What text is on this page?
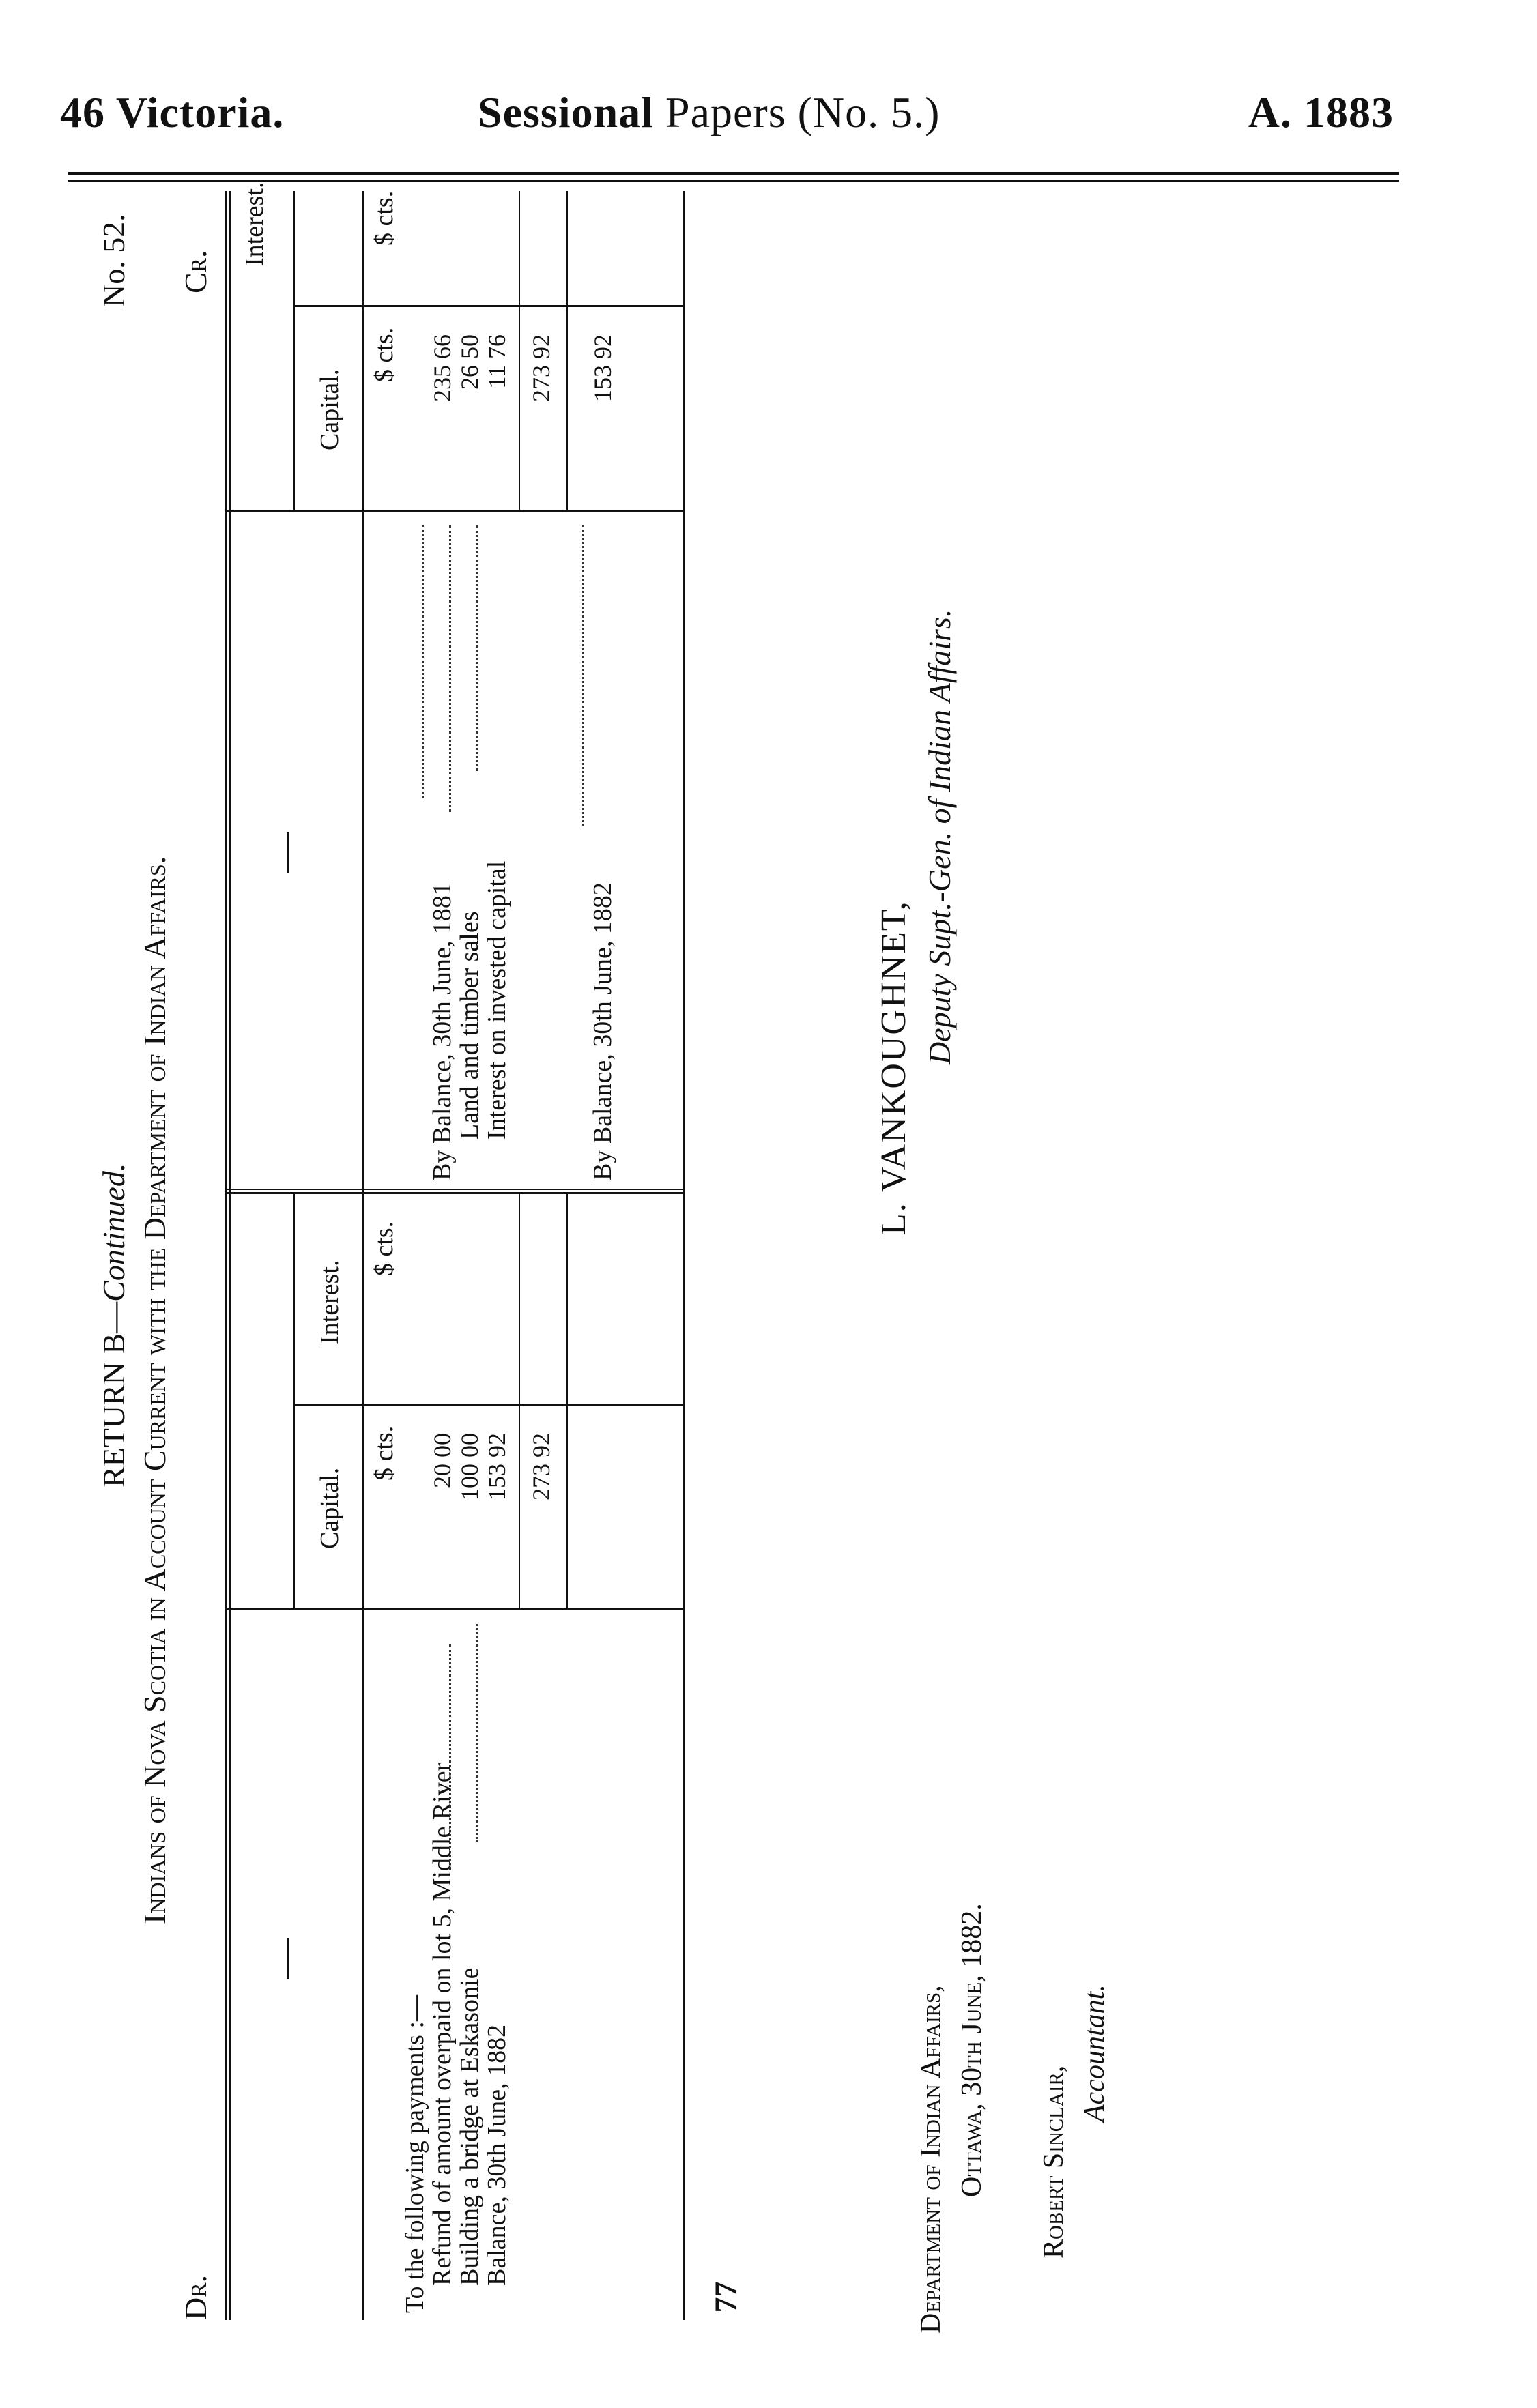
46 Victoria.	Sessional Papers (No. 5.)	A. 1883
RETURN B—Continued.
No. 52.
Indians of Nova Scotia in Account Current with the Department of Indian Affairs.
Dr.
Cr.
Capital.
Interest.
Capital.
Interest.
$ cts.
$ cts.
$ cts.
$ cts.
To the following payments :—
Refund of amount overpaid on lot 5, Middle River
Building a bridge at Eskasonie
Balance, 30th June, 1882
20 00 100 00 153 92 273 92
By Balance, 30th June, 1881
Land and timber sales
Interest on invested capital
235 66 26 50 11 76 273 92
By Balance, 30th June, 1882
153 92
Department of Indian Affairs, Ottawa, 30th June, 1882. Robert Sinclair,
Accountant.
L. VANKOUGHNET,
Deputy Supt.-Gen. of Indian Affairs.
77
